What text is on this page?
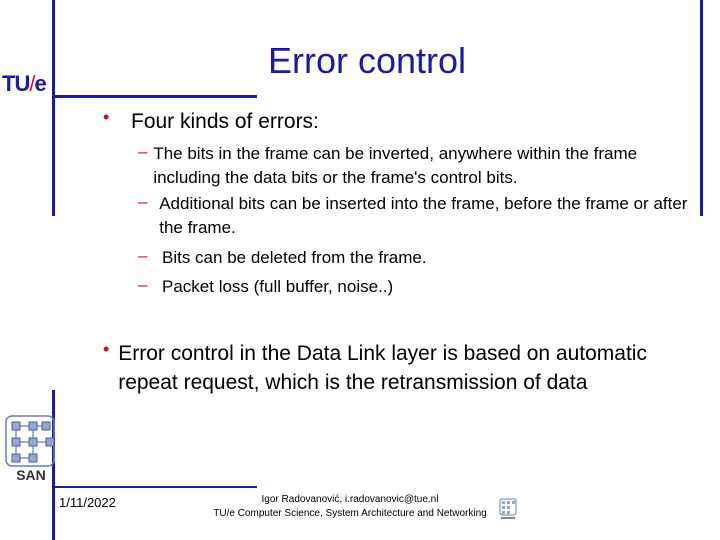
TU/e
Error control
•	Four kinds of errors:
– The bits in the frame can be inverted, anywhere within the frame including the data bits or the frame's control bits.
– Additional bits can be inserted into the frame, before the frame or after the frame.
– Bits can be deleted from the frame.
– Packet loss (full buffer, noise..)
• Error control in the Data Link layer is based on automatic repeat request, which is the retransmission of data
SAN
1/11/2022	Igor Radovanović, i.radovanovic@tue.nl
TU/e Computer Science, System Architecture and Networking
